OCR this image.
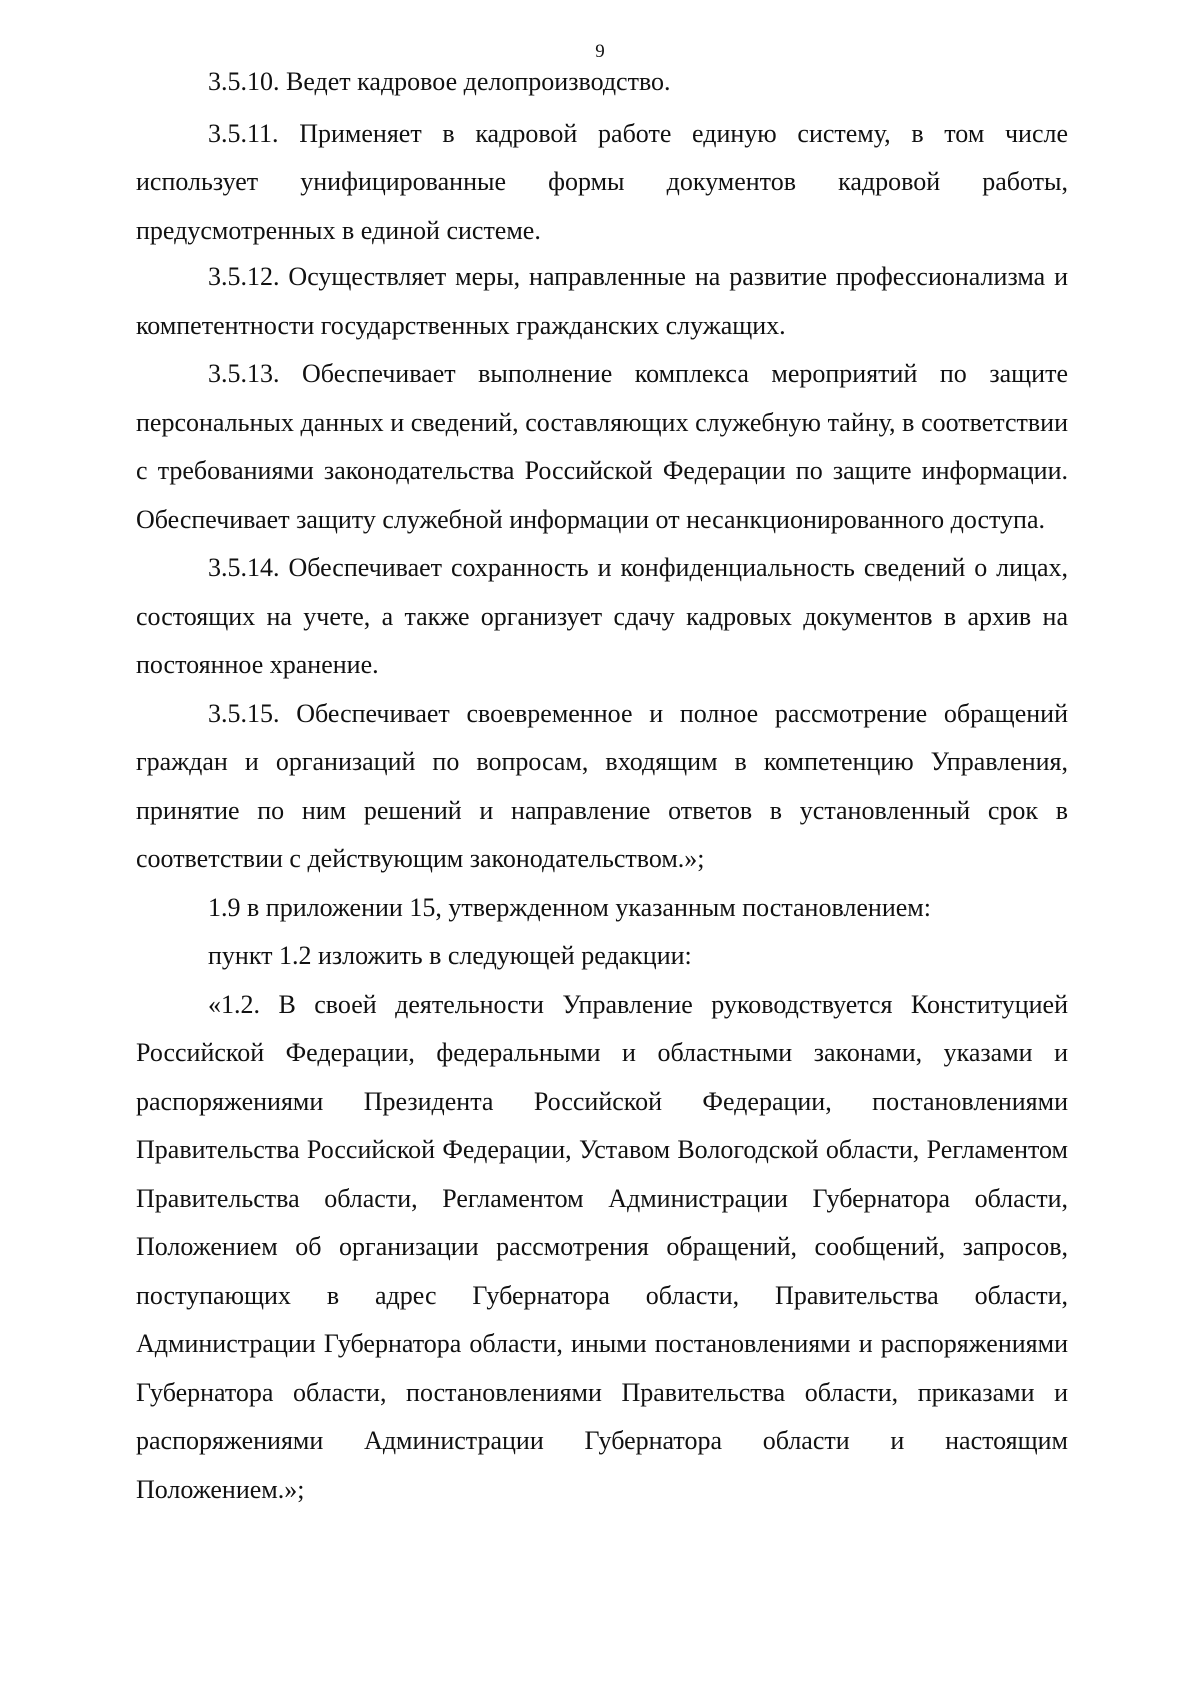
9

3.5.10. Ведет кадровое делопроизводство.

3.5.11. Применяет в кадровой работе единую систему, в том числе использует унифицированные формы документов кадровой работы, предусмотренных в единой системе.

3.5.12. Осуществляет меры, направленные на развитие профессионализма и компетентности государственных гражданских служащих.

3.5.13. Обеспечивает выполнение комплекса мероприятий по защите персональных данных и сведений, составляющих служебную тайну, в соответствии с требованиями законодательства Российской Федерации по защите информации. Обеспечивает защиту служебной информации от несанкционированного доступа.

3.5.14. Обеспечивает сохранность и конфиденциальность сведений о лицах, состоящих на учете, а также организует сдачу кадровых документов в архив на постоянное хранение.

3.5.15. Обеспечивает своевременное и полное рассмотрение обращений граждан и организаций по вопросам, входящим в компетенцию Управления, принятие по ним решений и направление ответов в установленный срок в соответствии с действующим законодательством.»;

1.9 в приложении 15, утвержденном указанным постановлением:

пункт 1.2 изложить в следующей редакции:

«1.2. В своей деятельности Управление руководствуется Конституцией Российской Федерации, федеральными и областными законами, указами и распоряжениями Президента Российской Федерации, постановлениями Правительства Российской Федерации, Уставом Вологодской области, Регламентом Правительства области, Регламентом Администрации Губернатора области, Положением об организации рассмотрения обращений, сообщений, запросов, поступающих в адрес Губернатора области, Правительства области, Администрации Губернатора области, иными постановлениями и распоряжениями Губернатора области, постановлениями Правительства области, приказами и распоряжениями Администрации Губернатора области и настоящим Положением.»;
